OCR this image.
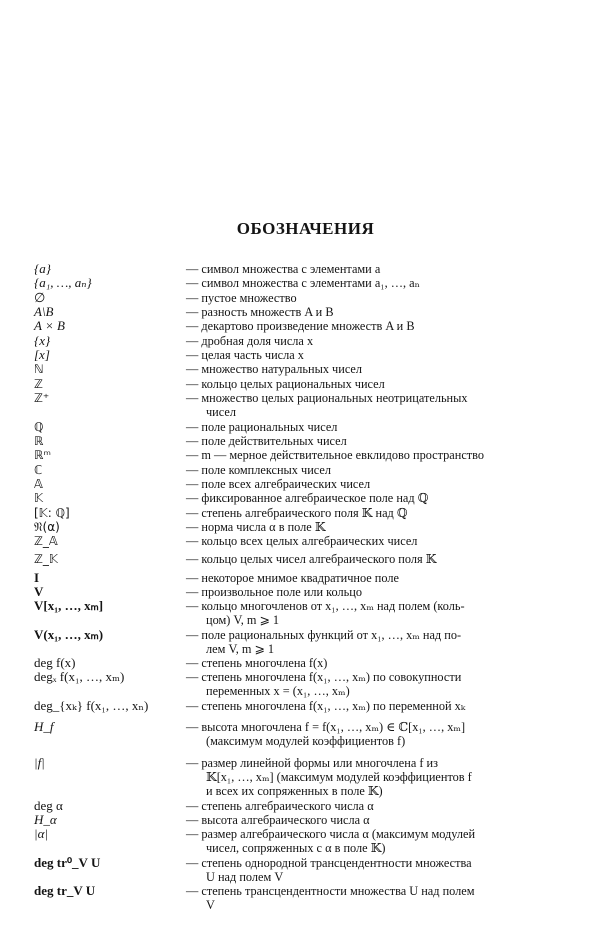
ОБОЗНАЧЕНИЯ
{a}	— символ множества с элементами a
{a₁, …, aₙ}	— символ множества с элементами a₁, …, aₙ
∅	— пустое множество
A\B	— разность множеств A и B
A × B	— декартово произведение множеств A и B
{x}	— дробная доля числа x
[x]	— целая часть числа x
ℕ	— множество натуральных чисел
ℤ	— кольцо целых рациональных чисел
ℤ⁺	— множество целых рациональных неотрицательных
чисел
ℚ	— поле рациональных чисел
ℝ	— поле действительных чисел
ℝᵐ	— m — мерное действительное евклидово пространство
ℂ	— поле комплексных чисел
𝔸	— поле всех алгебраических чисел
𝕂	— фиксированное алгебраическое поле над ℚ
[𝕂: ℚ]	— степень алгебраического поля 𝕂 над ℚ
𝔑(α)	— норма числа α в поле 𝕂
ℤ_𝔸	— кольцо всех целых алгебраических чисел
ℤ_𝕂	— кольцо целых чисел алгебраического поля 𝕂
I	— некоторое мнимое квадратичное поле
V	— произвольное поле или кольцо
V[x₁, …, xₘ]	— кольцо многочленов от x₁, …, xₘ над полем (коль-
цом) V, m ⩾ 1
V(x₁, …, xₘ)	— поле рациональных функций от x₁, …, xₘ над по-
лем V, m ⩾ 1
deg f(x)	— степень многочлена f(x)
degₓ f(x₁, …, xₘ)	— степень многочлена f(x₁, …, xₘ) по совокупности
переменных x = (x₁, …, xₘ)
deg_{xₖ} f(x₁, …, xₙ)	— степень многочлена f(x₁, …, xₘ) по переменной xₖ
H_f	— высота многочлена f = f(x₁, …, xₘ) ∈ ℂ[x₁, …, xₘ]
(максимум модулей коэффициентов f)
|f|	— размер линейной формы или многочлена f из
𝕂[x₁, …, xₘ] (максимум модулей коэффициентов f
и всех их сопряженных в поле 𝕂)
deg α	— степень алгебраического числа α
H_α	— высота алгебраического числа α
|α|	— размер алгебраического числа α (максимум модулей
чисел, сопряженных с α в поле 𝕂)
deg tr⁰_V U	— степень однородной трансцендентности множества
U над полем V
deg tr_V U	— степень трансцендентности множества U над полем
V
